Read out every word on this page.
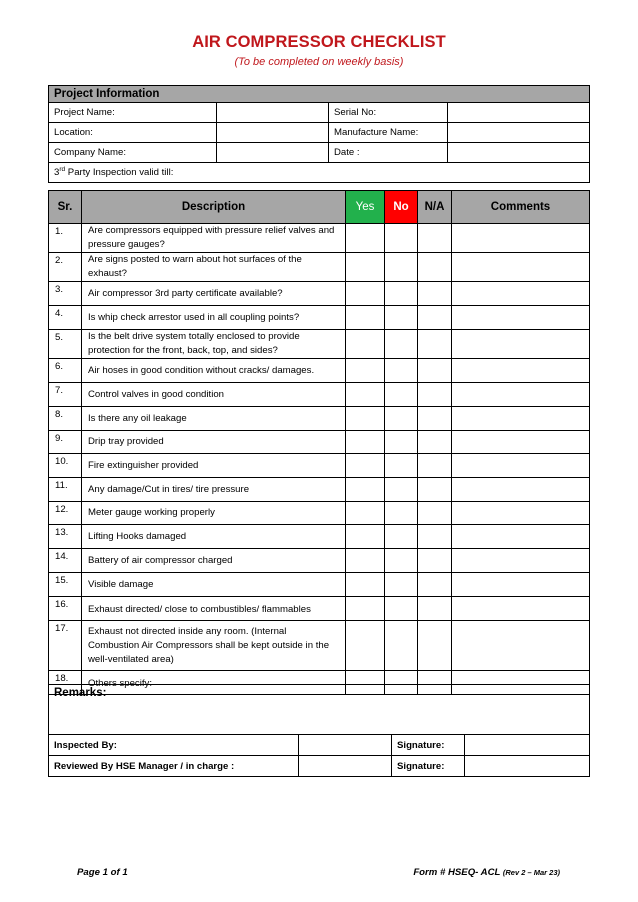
AIR COMPRESSOR CHECKLIST
(To be completed on weekly basis)
Project Information			
Project Name:		Serial No:	
Location:		Manufacture Name:	
Company Name:		Date :	
3rd Party Inspection valid till:			
Sr.	Description	Yes	No	N/A	Comments
1.	Are compressors equipped with pressure relief valves and pressure gauges?				
2.	Are signs posted to warn about hot surfaces of the exhaust?				
3.	Air compressor 3rd party certificate available?				
4.	Is whip check arrestor used in all coupling points?				
5.	Is the belt drive system totally enclosed to provide protection for the front, back, top, and sides?				
6.	Air hoses in good condition without cracks/ damages.				
7.	Control valves in good condition				
8.	Is there any oil leakage				
9.	Drip tray provided				
10.	Fire extinguisher provided				
11.	Any damage/Cut in tires/ tire pressure				
12.	Meter gauge working properly				
13.	Lifting Hooks damaged				
14.	Battery of air compressor charged				
15.	Visible damage				
16.	Exhaust directed/ close to combustibles/ flammables				
17.	Exhaust not directed inside any room. (Internal Combustion Air Compressors shall be kept outside in the well-ventilated area)				
18.	Others specify:				
Remarks:			
Inspected By:		Signature:	
Reviewed By HSE Manager / in charge :		Signature:	
Page 1 of 1	Form # HSEQ- ACL (Rev 2 – Mar 23)
